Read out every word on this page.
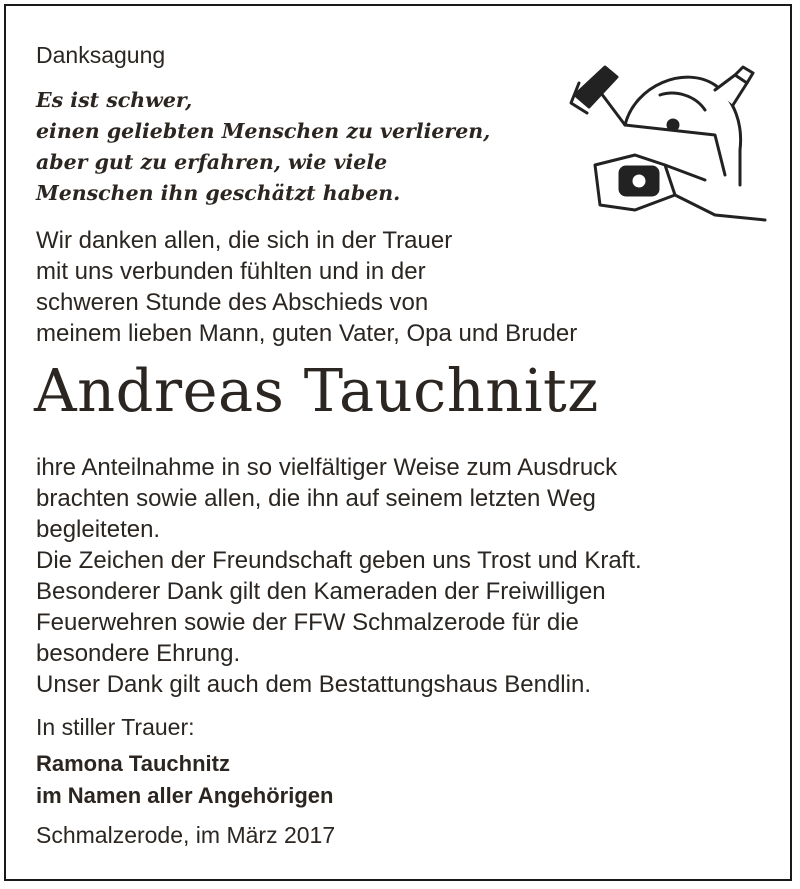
Danksagung
Es ist schwer,
einen geliebten Menschen zu verlieren,
aber gut zu erfahren, wie viele
Menschen ihn geschätzt haben.
Wir danken allen, die sich in der Trauer
mit uns verbunden fühlten und in der
schweren Stunde des Abschieds von
meinem lieben Mann, guten Vater, Opa und Bruder
Andreas Tauchnitz
ihre Anteilnahme in so vielfältiger Weise zum Ausdruck
brachten sowie allen, die ihn auf seinem letzten Weg
begleiteten.
Die Zeichen der Freundschaft geben uns Trost und Kraft.
Besonderer Dank gilt den Kameraden der Freiwilligen
Feuerwehren sowie der FFW Schmalzerode für die
besondere Ehrung.
Unser Dank gilt auch dem Bestattungshaus Bendlin.
In stiller Trauer:
Ramona Tauchnitz
im Namen aller Angehörigen
Schmalzerode, im März 2017
